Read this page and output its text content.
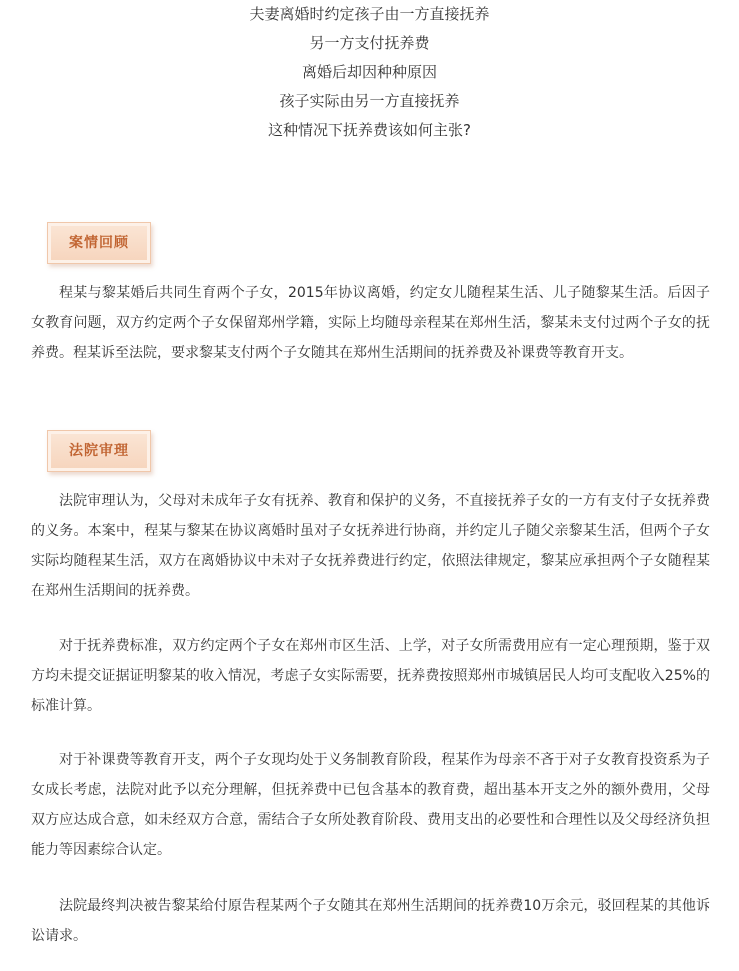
夫妻离婚时约定孩子由一方直接抚养
另一方支付抚养费
离婚后却因种种原因
孩子实际由另一方直接抚养
这种情况下抚养费该如何主张?
案情回顾

程某与黎某婚后共同生育两个子女，2015年协议离婚，约定女儿随程某生活、儿子随黎某生活。后因子女教育问题，双方约定两个子女保留郑州学籍，实际上均随母亲程某在郑州生活，黎某未支付过两个子女的抚养费。程某诉至法院，要求黎某支付两个子女随其在郑州生活期间的抚养费及补课费等教育开支。

法院审理

法院审理认为，父母对未成年子女有抚养、教育和保护的义务，不直接抚养子女的一方有支付子女抚养费的义务。本案中，程某与黎某在协议离婚时虽对子女抚养进行协商，并约定儿子随父亲黎某生活，但两个子女实际均随程某生活，双方在离婚协议中未对子女抚养费进行约定，依照法律规定，黎某应承担两个子女随程某在郑州生活期间的抚养费。

对于抚养费标准，双方约定两个子女在郑州市区生活、上学，对子女所需费用应有一定心理预期，鉴于双方均未提交证据证明黎某的收入情况，考虑子女实际需要，抚养费按照郑州市城镇居民人均可支配收入25%的标准计算。

对于补课费等教育开支，两个子女现均处于义务制教育阶段，程某作为母亲不吝于对子女教育投资系为子女成长考虑，法院对此予以充分理解，但抚养费中已包含基本的教育费，超出基本开支之外的额外费用，父母双方应达成合意，如未经双方合意，需结合子女所处教育阶段、费用支出的必要性和合理性以及父母经济负担能力等因素综合认定。

法院最终判决被告黎某给付原告程某两个子女随其在郑州生活期间的抚养费10万余元，驳回程某的其他诉讼请求。
